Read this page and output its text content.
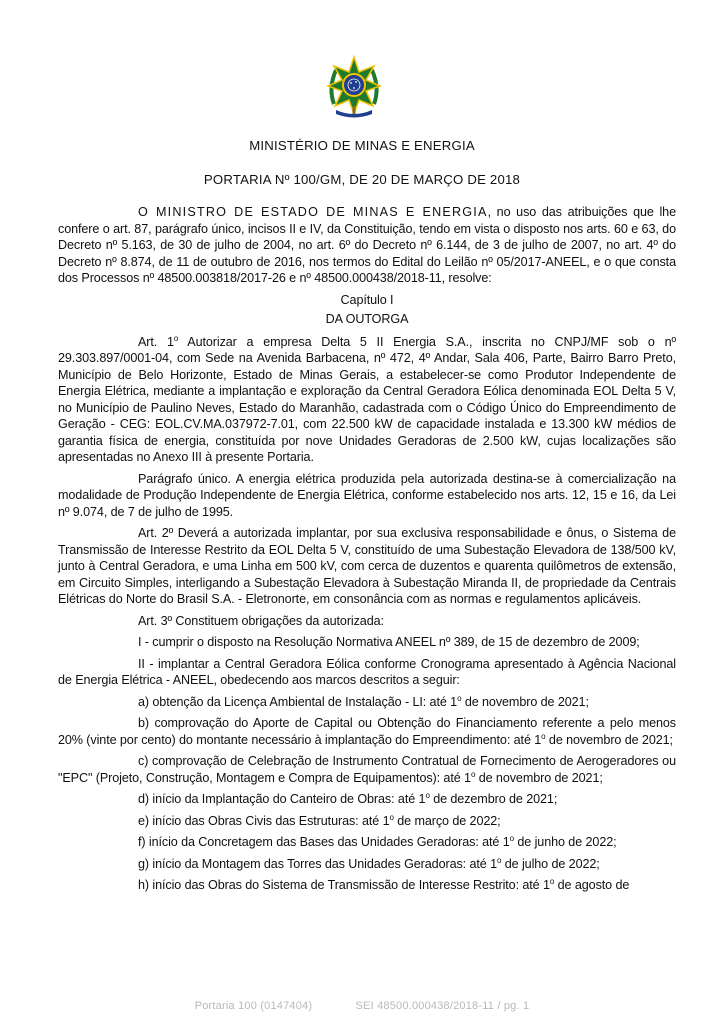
MINISTÉRIO DE MINAS E ENERGIA
PORTARIA Nº 100/GM, DE 20 DE MARÇO DE 2018

O MINISTRO DE ESTADO DE MINAS E ENERGIA, no uso das atribuições que lhe confere o art. 87, parágrafo único, incisos II e IV, da Constituição, tendo em vista o disposto nos arts. 60 e 63, do Decreto nº 5.163, de 30 de julho de 2004, no art. 6º do Decreto nº 6.144, de 3 de julho de 2007, no art. 4º do Decreto nº 8.874, de 11 de outubro de 2016, nos termos do Edital do Leilão nº 05/2017-ANEEL, e o que consta dos Processos nº 48500.003818/2017-26 e nº 48500.000438/2018-11, resolve:

Capítulo I

DA OUTORGA

Art. 1$^o$ Autorizar a empresa Delta 5 II Energia S.A., inscrita no CNPJ/MF sob o nº 29.303.897/0001-04, com Sede na Avenida Barbacena, nº 472, 4º Andar, Sala 406, Parte, Bairro Barro Preto, Município de Belo Horizonte, Estado de Minas Gerais, a estabelecer-se como Produtor Independente de Energia Elétrica, mediante a implantação e exploração da Central Geradora Eólica denominada EOL Delta 5 V, no Município de Paulino Neves, Estado do Maranhão, cadastrada com o Código Único do Empreendimento de Geração - CEG: EOL.CV.MA.037972-7.01, com 22.500 kW de capacidade instalada e 13.300 kW médios de garantia física de energia, constituída por nove Unidades Geradoras de 2.500 kW, cujas localizações são apresentadas no Anexo III à presente Portaria.

Parágrafo único. A energia elétrica produzida pela autorizada destina-se à comercialização na modalidade de Produção Independente de Energia Elétrica, conforme estabelecido nos arts. 12, 15 e 16, da Lei nº 9.074, de 7 de julho de 1995.

Art. 2º Deverá a autorizada implantar, por sua exclusiva responsabilidade e ônus, o Sistema de Transmissão de Interesse Restrito da EOL Delta 5 V, constituído de uma Subestação Elevadora de 138/500 kV, junto à Central Geradora, e uma Linha em 500 kV, com cerca de duzentos e quarenta quilômetros de extensão, em Circuito Simples, interligando a Subestação Elevadora à Subestação Miranda II, de propriedade da Centrais Elétricas do Norte do Brasil S.A. - Eletronorte, em consonância com as normas e regulamentos aplicáveis.

Art. 3º Constituem obrigações da autorizada:

I - cumprir o disposto na Resolução Normativa ANEEL nº 389, de 15 de dezembro de 2009;

II - implantar a Central Geradora Eólica conforme Cronograma apresentado à Agência Nacional de Energia Elétrica - ANEEL, obedecendo aos marcos descritos a seguir:

a) obtenção da Licença Ambiental de Instalação - LI: até 1$^o$ de novembro de 2021;

b) comprovação do Aporte de Capital ou Obtenção do Financiamento referente a pelo menos 20% (vinte por cento) do montante necessário à implantação do Empreendimento: até 1$^o$ de novembro de 2021;

c) comprovação de Celebração de Instrumento Contratual de Fornecimento de Aerogeradores ou "EPC" (Projeto, Construção, Montagem e Compra de Equipamentos): até 1$^o$ de novembro de 2021;

d) início da Implantação do Canteiro de Obras: até 1$^o$ de dezembro de 2021;

e) início das Obras Civis das Estruturas: até 1$^o$ de março de 2022;

f) início da Concretagem das Bases das Unidades Geradoras: até 1$^o$ de junho de 2022;

g) início da Montagem das Torres das Unidades Geradoras: até 1$^o$ de julho de 2022;

h) início das Obras do Sistema de Transmissão de Interesse Restrito: até 1$^o$ de agosto de

Portaria 100 (0147404)	SEI 48500.000438/2018-11 / pg. 1
